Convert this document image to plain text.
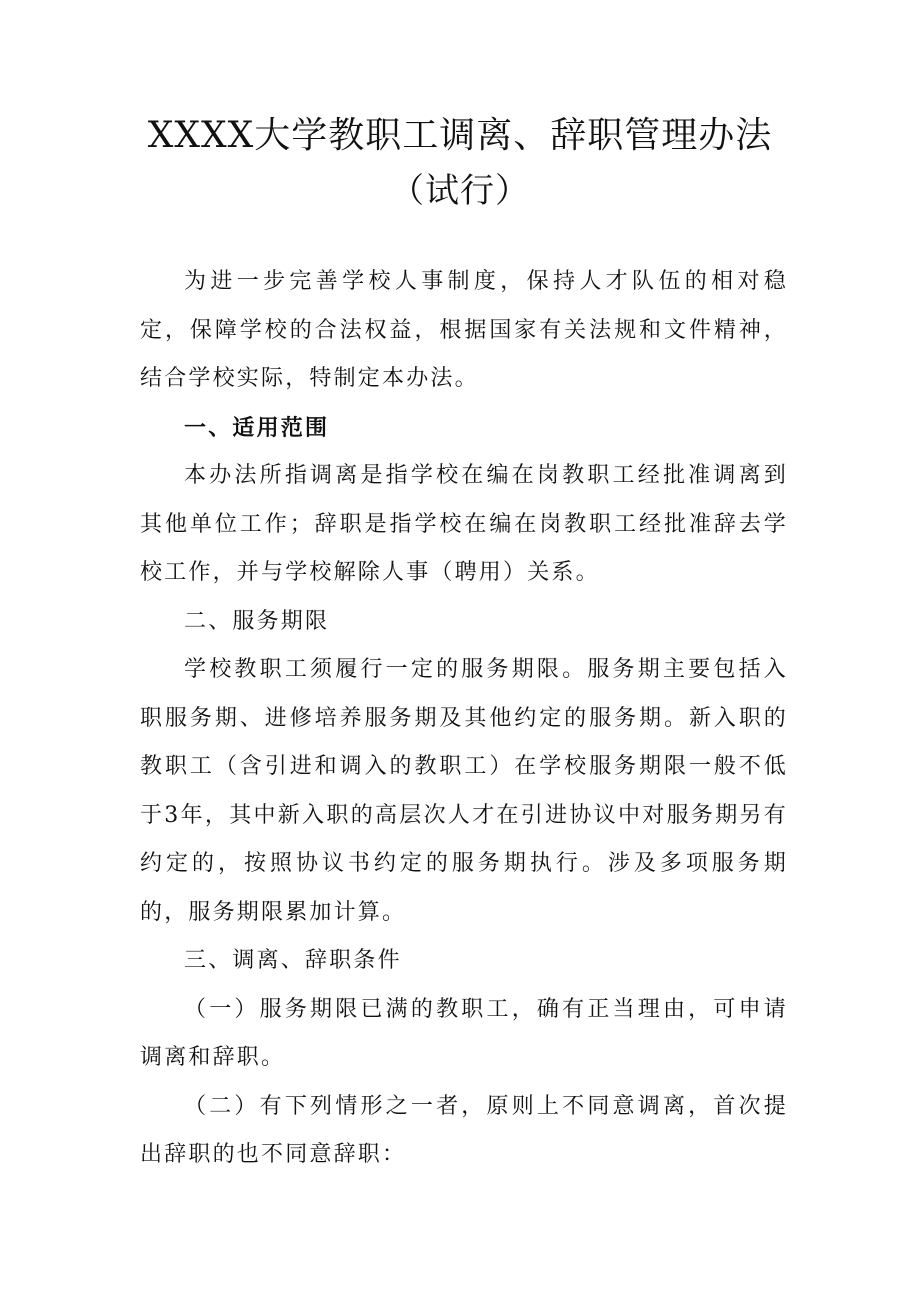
XXXX大学教职工调离、辞职管理办法
（试行）

为进一步完善学校人事制度，保持人才队伍的相对稳定，保障学校的合法权益，根据国家有关法规和文件精神，结合学校实际，特制定本办法。

一、适用范围

本办法所指调离是指学校在编在岗教职工经批准调离到其他单位工作；辞职是指学校在编在岗教职工经批准辞去学校工作，并与学校解除人事（聘用）关系。

二、服务期限

学校教职工须履行一定的服务期限。服务期主要包括入职服务期、进修培养服务期及其他约定的服务期。新入职的教职工（含引进和调入的教职工）在学校服务期限一般不低于3年，其中新入职的高层次人才在引进协议中对服务期另有约定的，按照协议书约定的服务期执行。涉及多项服务期的，服务期限累加计算。

三、调离、辞职条件

（一）服务期限已满的教职工，确有正当理由，可申请调离和辞职。

（二）有下列情形之一者，原则上不同意调离，首次提出辞职的也不同意辞职：
